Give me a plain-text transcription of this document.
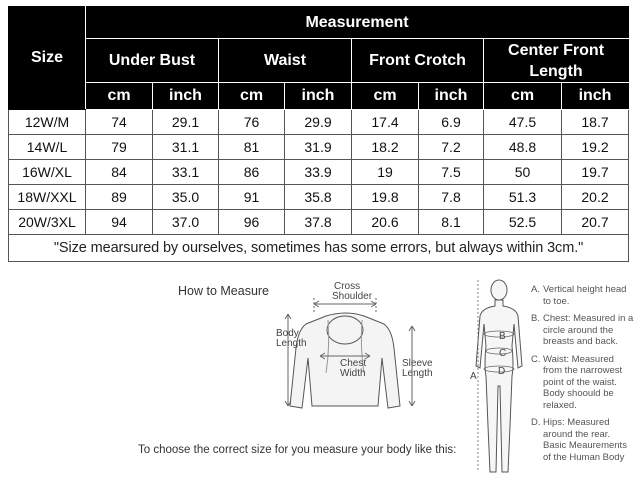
Size	Measurement							
	Under Bust		Waist		Front Crotch		Center Front Length	
	cm	inch	cm	inch	cm	inch	cm	inch
12W/M	74	29.1	76	29.9	17.4	6.9	47.5	18.7
14W/L	79	31.1	81	31.9	18.2	7.2	48.8	19.2
16W/XL	84	33.1	86	33.9	19	7.5	50	19.7
18W/XXL	89	35.0	91	35.8	19.8	7.8	51.3	20.2
20W/3XL	94	37.0	96	37.8	20.6	8.1	52.5	20.7
"Size mearsured by ourselves, sometimes has some errors, but always within 3cm."								
How to Measure	Cross
Shoulder
Body
Length
Chest
Width
Sleeve
Length
To choose the correct size for you measure your body like this:
B
C
D
A
A. Vertical height head to toe.
B. Chest: Measured in a circle around the breasts and back.
C. Waist: Measured from the narrowest point of the waist. Body shoould be relaxed.
D. Hips: Measured around the rear. Basic Meaurements of the Human Body
